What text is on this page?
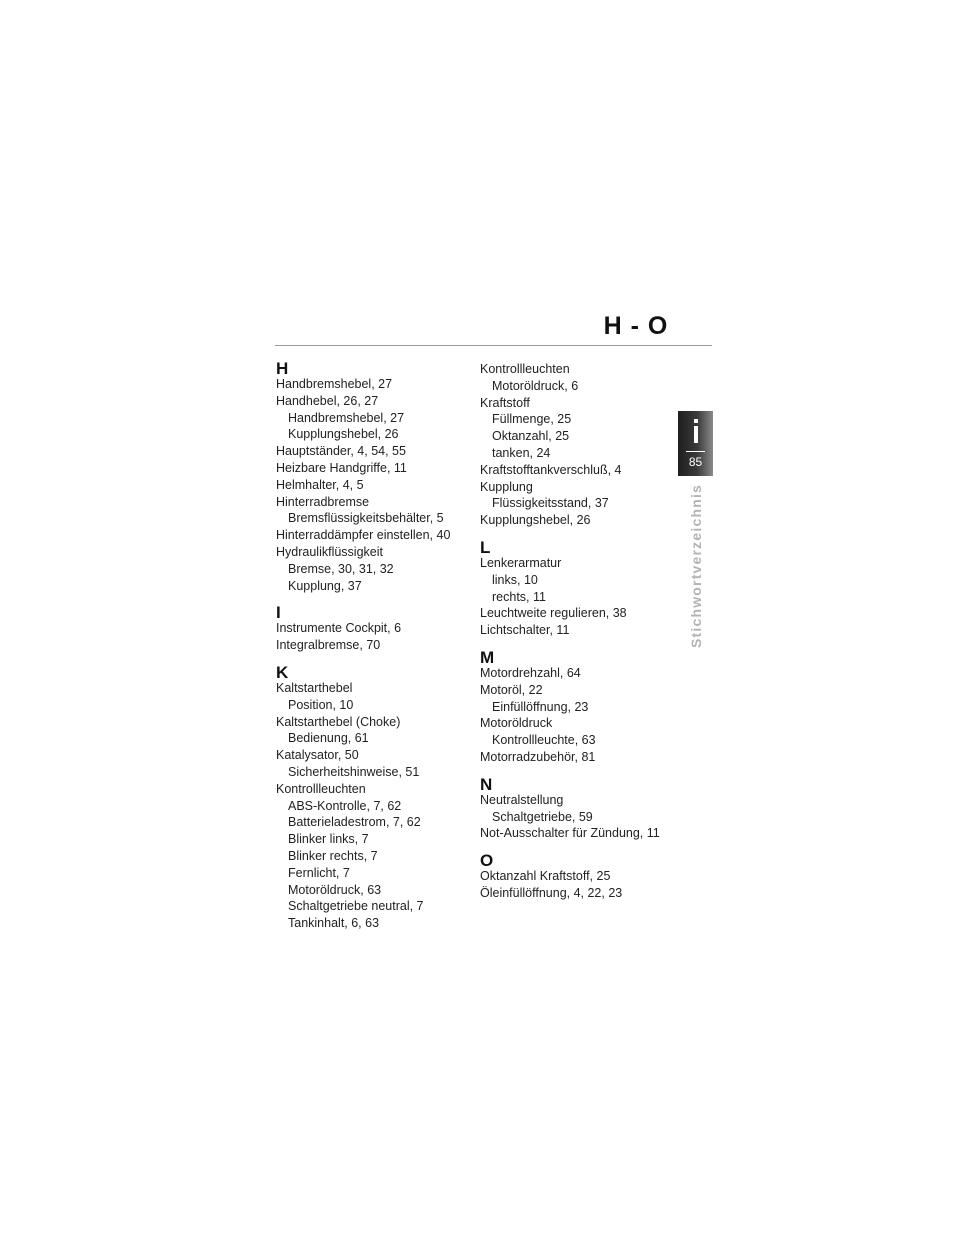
H - O
85
Stichwortverzeichnis
H
Handbremshebel, 27
Handhebel, 26, 27
Handbremshebel, 27
Kupplungshebel, 26
Hauptständer, 4, 54, 55
Heizbare Handgriffe, 11
Helmhalter, 4, 5
Hinterradbremse
Bremsflüssigkeitsbehälter, 5
Hinterraddämpfer einstellen, 40
Hydraulikflüssigkeit
Bremse, 30, 31, 32
Kupplung, 37
I
Instrumente Cockpit, 6
Integralbremse, 70
K
Kaltstarthebel
Position, 10
Kaltstarthebel (Choke)
Bedienung, 61
Katalysator, 50
Sicherheitshinweise, 51
Kontrollleuchten
ABS-Kontrolle, 7, 62
Batterieladestrom, 7, 62
Blinker links, 7
Blinker rechts, 7
Fernlicht, 7
Motoröldruck, 63
Schaltgetriebe neutral, 7
Tankinhalt, 6, 63
Kontrollleuchten
Motoröldruck, 6
Kraftstoff
Füllmenge, 25
Oktanzahl, 25
tanken, 24
Kraftstofftankverschluß, 4
Kupplung
Flüssigkeitsstand, 37
Kupplungshebel, 26
L
Lenkerarmatur
links, 10
rechts, 11
Leuchtweite regulieren, 38
Lichtschalter, 11
M
Motordrehzahl, 64
Motoröl, 22
Einfüllöffnung, 23
Motoröldruck
Kontrollleuchte, 63
Motorradzubehör, 81
N
Neutralstellung
Schaltgetriebe, 59
Not-Ausschalter für Zündung, 11
O
Oktanzahl Kraftstoff, 25
Öleinfüllöffnung, 4, 22, 23
